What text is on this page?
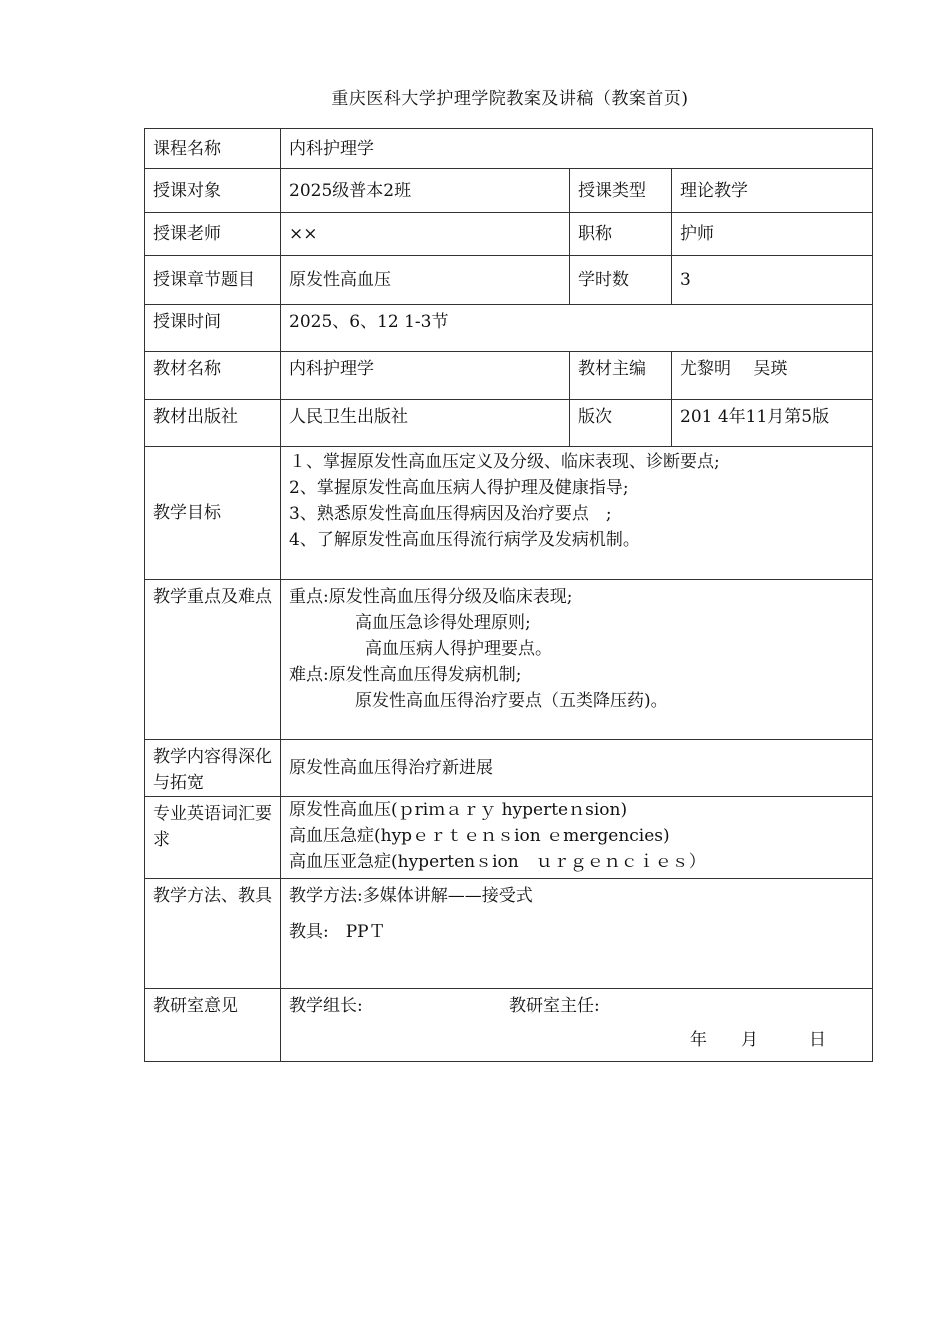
重庆医科大学护理学院教案及讲稿（教案首页)
课程名称	内科护理学		
授课对象	2025级普本2班	授课类型	理论教学
授课老师	××	职称	护师
授课章节题目	原发性高血压	学时数	3
授课时间	2025、6、12 1-3节		
教材名称	内科护理学	教材主编	尤黎明　 吴瑛
教材出版社	人民卫生出版社	版次	201 4年11月第5版
教学目标	１、掌握原发性高血压定义及分级、临床表现、诊断要点;
2、掌握原发性高血压病人得护理及健康指导;
3、熟悉原发性高血压得病因及治疗要点　;
4、了解原发性高血压得流行病学及发病机制。		

教学重点及难点	重点:原发性高血压得分级及临床表现;
高血压急诊得处理原则;
高血压病人得护理要点。
难点:原发性高血压得发病机制;
原发性高血压得治疗要点（五类降压药)。		

教学内容得深化与拓宽	原发性高血压得治疗新进展		
专业英语词汇要求	原发性高血压(ｐriｍａｒｙ hyperteｎsion)
高血压急症(hypｅｒｔｅｎｓion ｅmergencies)
高血压亚急症(hypertenｓion　ｕｒｇｅｎｃｉｅｓ）		

教学方法、教具	教学方法:多媒体讲解——接受式
教具:　PPＴ		

教研室意见	教学组长: 教研室主任:
年　　月　　　日		
